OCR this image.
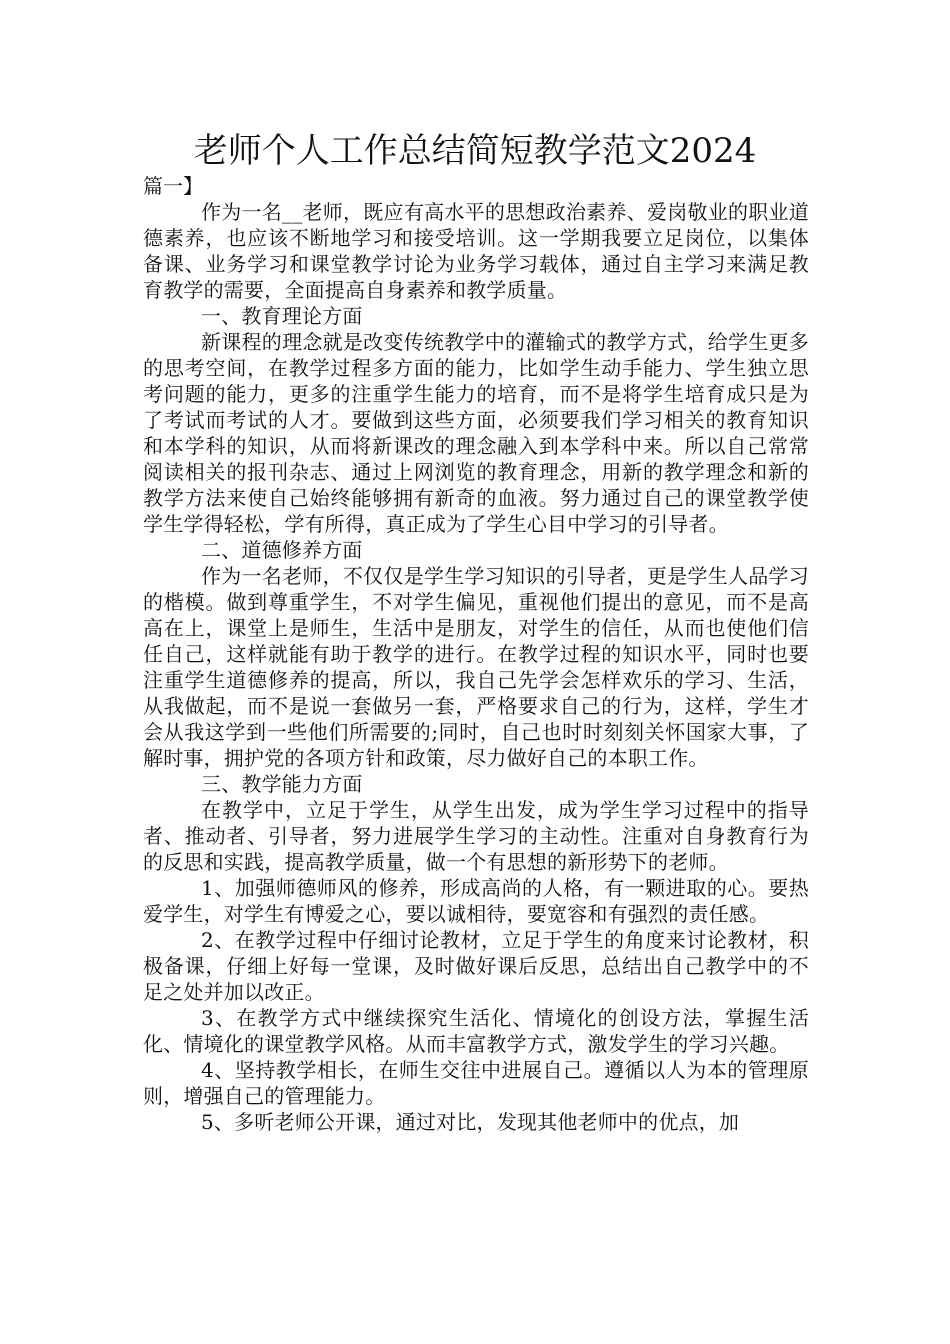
老师个人工作总结简短教学范文2024
篇一】

作为一名__老师，既应有高水平的思想政治素养、爱岗敬业的职业道德素养，也应该不断地学习和接受培训。这一学期我要立足岗位，以集体备课、业务学习和课堂教学讨论为业务学习载体，通过自主学习来满足教育教学的需要，全面提高自身素养和教学质量。

一、教育理论方面

新课程的理念就是改变传统教学中的灌输式的教学方式，给学生更多的思考空间，在教学过程多方面的能力，比如学生动手能力、学生独立思考问题的能力，更多的注重学生能力的培育，而不是将学生培育成只是为了考试而考试的人才。要做到这些方面，必须要我们学习相关的教育知识和本学科的知识，从而将新课改的理念融入到本学科中来。所以自己常常阅读相关的报刊杂志、通过上网浏览的教育理念，用新的教学理念和新的教学方法来使自己始终能够拥有新奇的血液。努力通过自己的课堂教学使学生学得轻松，学有所得，真正成为了学生心目中学习的引导者。

二、道德修养方面

作为一名老师，不仅仅是学生学习知识的引导者，更是学生人品学习的楷模。做到尊重学生，不对学生偏见，重视他们提出的意见，而不是高高在上，课堂上是师生，生活中是朋友，对学生的信任，从而也使他们信任自己，这样就能有助于教学的进行。在教学过程的知识水平，同时也要注重学生道德修养的提高，所以，我自己先学会怎样欢乐的学习、生活，从我做起，而不是说一套做另一套，严格要求自己的行为，这样，学生才会从我这学到一些他们所需要的;同时，自己也时时刻刻关怀国家大事，了解时事，拥护党的各项方针和政策，尽力做好自己的本职工作。

三、教学能力方面

在教学中，立足于学生，从学生出发，成为学生学习过程中的指导者、推动者、引导者，努力进展学生学习的主动性。注重对自身教育行为的反思和实践，提高教学质量，做一个有思想的新形势下的老师。

1、加强师德师风的修养，形成高尚的人格，有一颗进取的心。要热爱学生，对学生有博爱之心，要以诚相待，要宽容和有强烈的责任感。

2、在教学过程中仔细讨论教材，立足于学生的角度来讨论教材，积极备课，仔细上好每一堂课，及时做好课后反思，总结出自己教学中的不足之处并加以改正。

3、在教学方式中继续探究生活化、情境化的创设方法，掌握生活化、情境化的课堂教学风格。从而丰富教学方式，激发学生的学习兴趣。

4、坚持教学相长，在师生交往中进展自己。遵循以人为本的管理原则，增强自己的管理能力。

5、多听老师公开课，通过对比，发现其他老师中的优点，加
